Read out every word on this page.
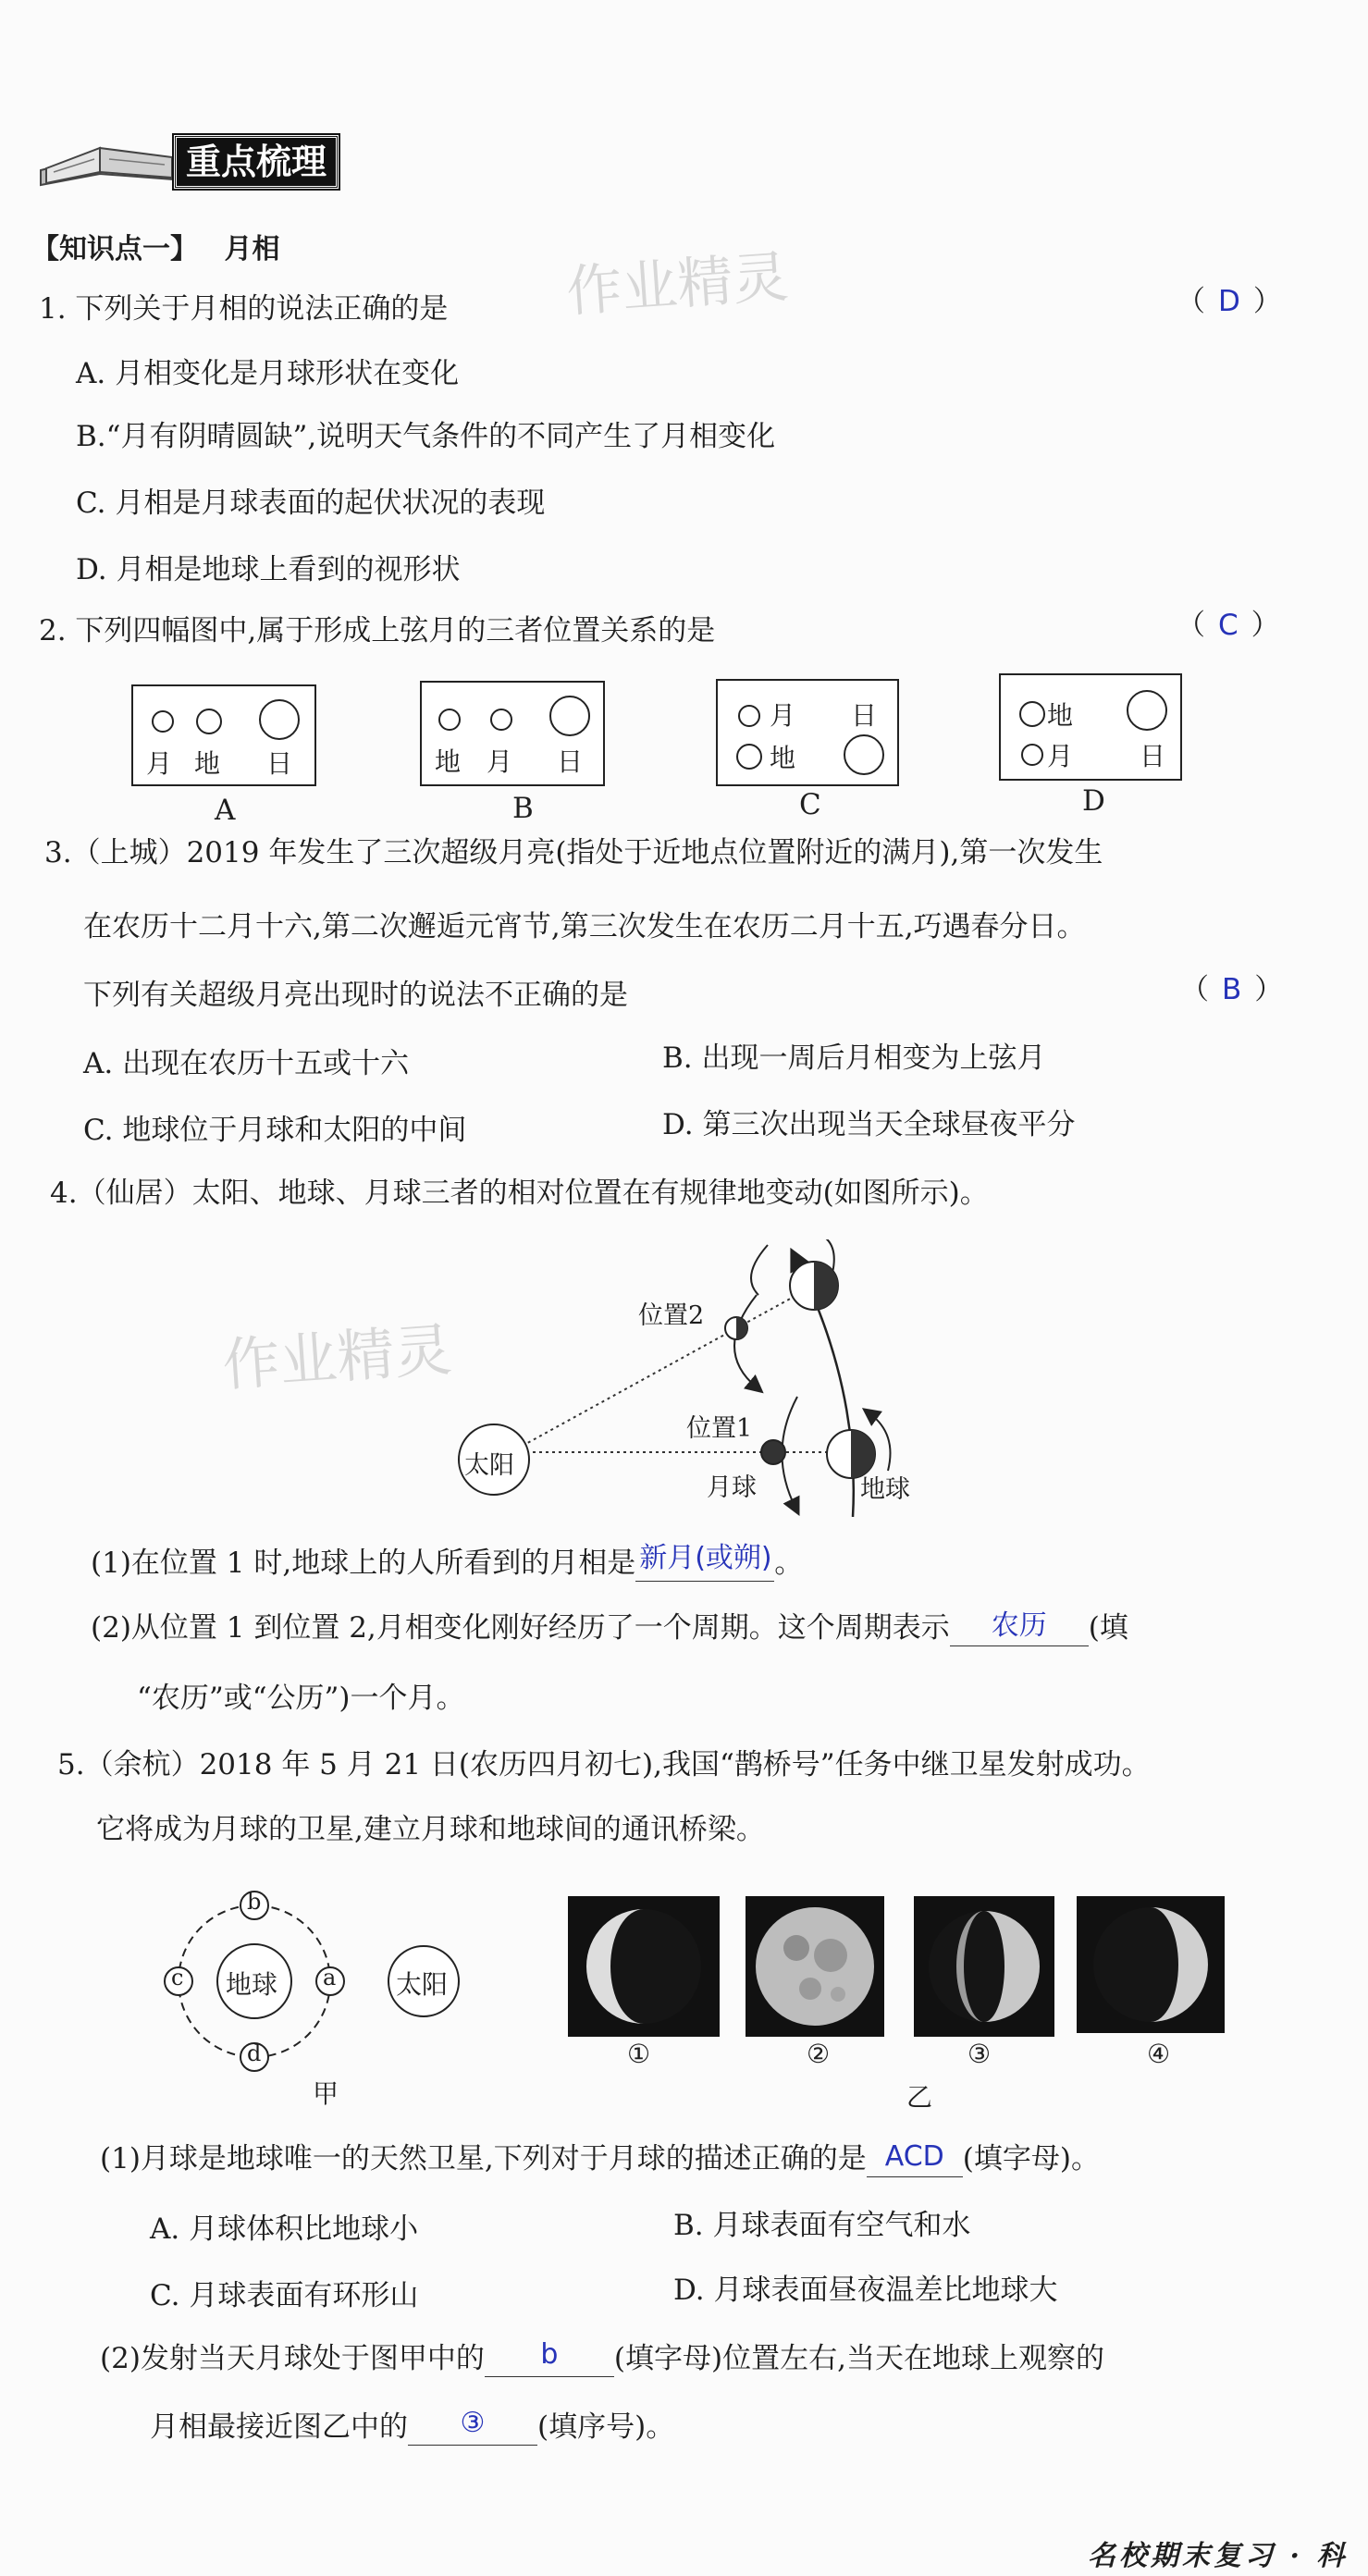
重点梳理
【知识点一】 月相	作业精灵
作业精灵
1. 下列关于月相的说法正确的是	（ D ）
A. 月相变化是月球形状在变化
B.“月有阴晴圆缺”,说明天气条件的不同产生了月相变化
C. 月相是月球表面的起伏状况的表现
D. 月相是地球上看到的视形状
2. 下列四幅图中,属于形成上弦月的三者位置关系的是	（ C ）
月 地 日
A
地 月 日
B
月 日
地
C
地
月	日
D
3.（上城）2019 年发生了三次超级月亮(指处于近地点位置附近的满月),第一次发生
在农历十二月十六,第二次邂逅元宵节,第三次发生在农历二月十五,巧遇春分日。
下列有关超级月亮出现时的说法不正确的是	（ B ）
A. 出现在农历十五或十六	B. 出现一周后月相变为上弦月
C. 地球位于月球和太阳的中间	D. 第三次出现当天全球昼夜平分
4.（仙居）太阳、地球、月球三者的相对位置在有规律地变动(如图所示)。
位置2
位置1
太阳
月球	地球
(1)在位置 1 时,地球上的人所看到的月相是 新月(或朔) 。
(2)从位置 1 到位置 2,月相变化刚好经历了一个周期。这个周期表示 农历 (填
“农历”或“公历”)一个月。
5.（余杭）2018 年 5 月 21 日(农历四月初七),我国“鹊桥号”任务中继卫星发射成功。
它将成为月球的卫星,建立月球和地球间的通讯桥梁。
地球	太阳
b
d
c	a
甲
①	②	③	④
乙
(1)月球是地球唯一的天然卫星,下列对于月球的描述正确的是 ACD (填字母)。
A. 月球体积比地球小	B. 月球表面有空气和水
C. 月球表面有环形山	D. 月球表面昼夜温差比地球大
(2)发射当天月球处于图甲中的 b (填字母)位置左右,当天在地球上观察的
月相最接近图乙中的 ③ (填序号)。
名校期末复习 · 科
